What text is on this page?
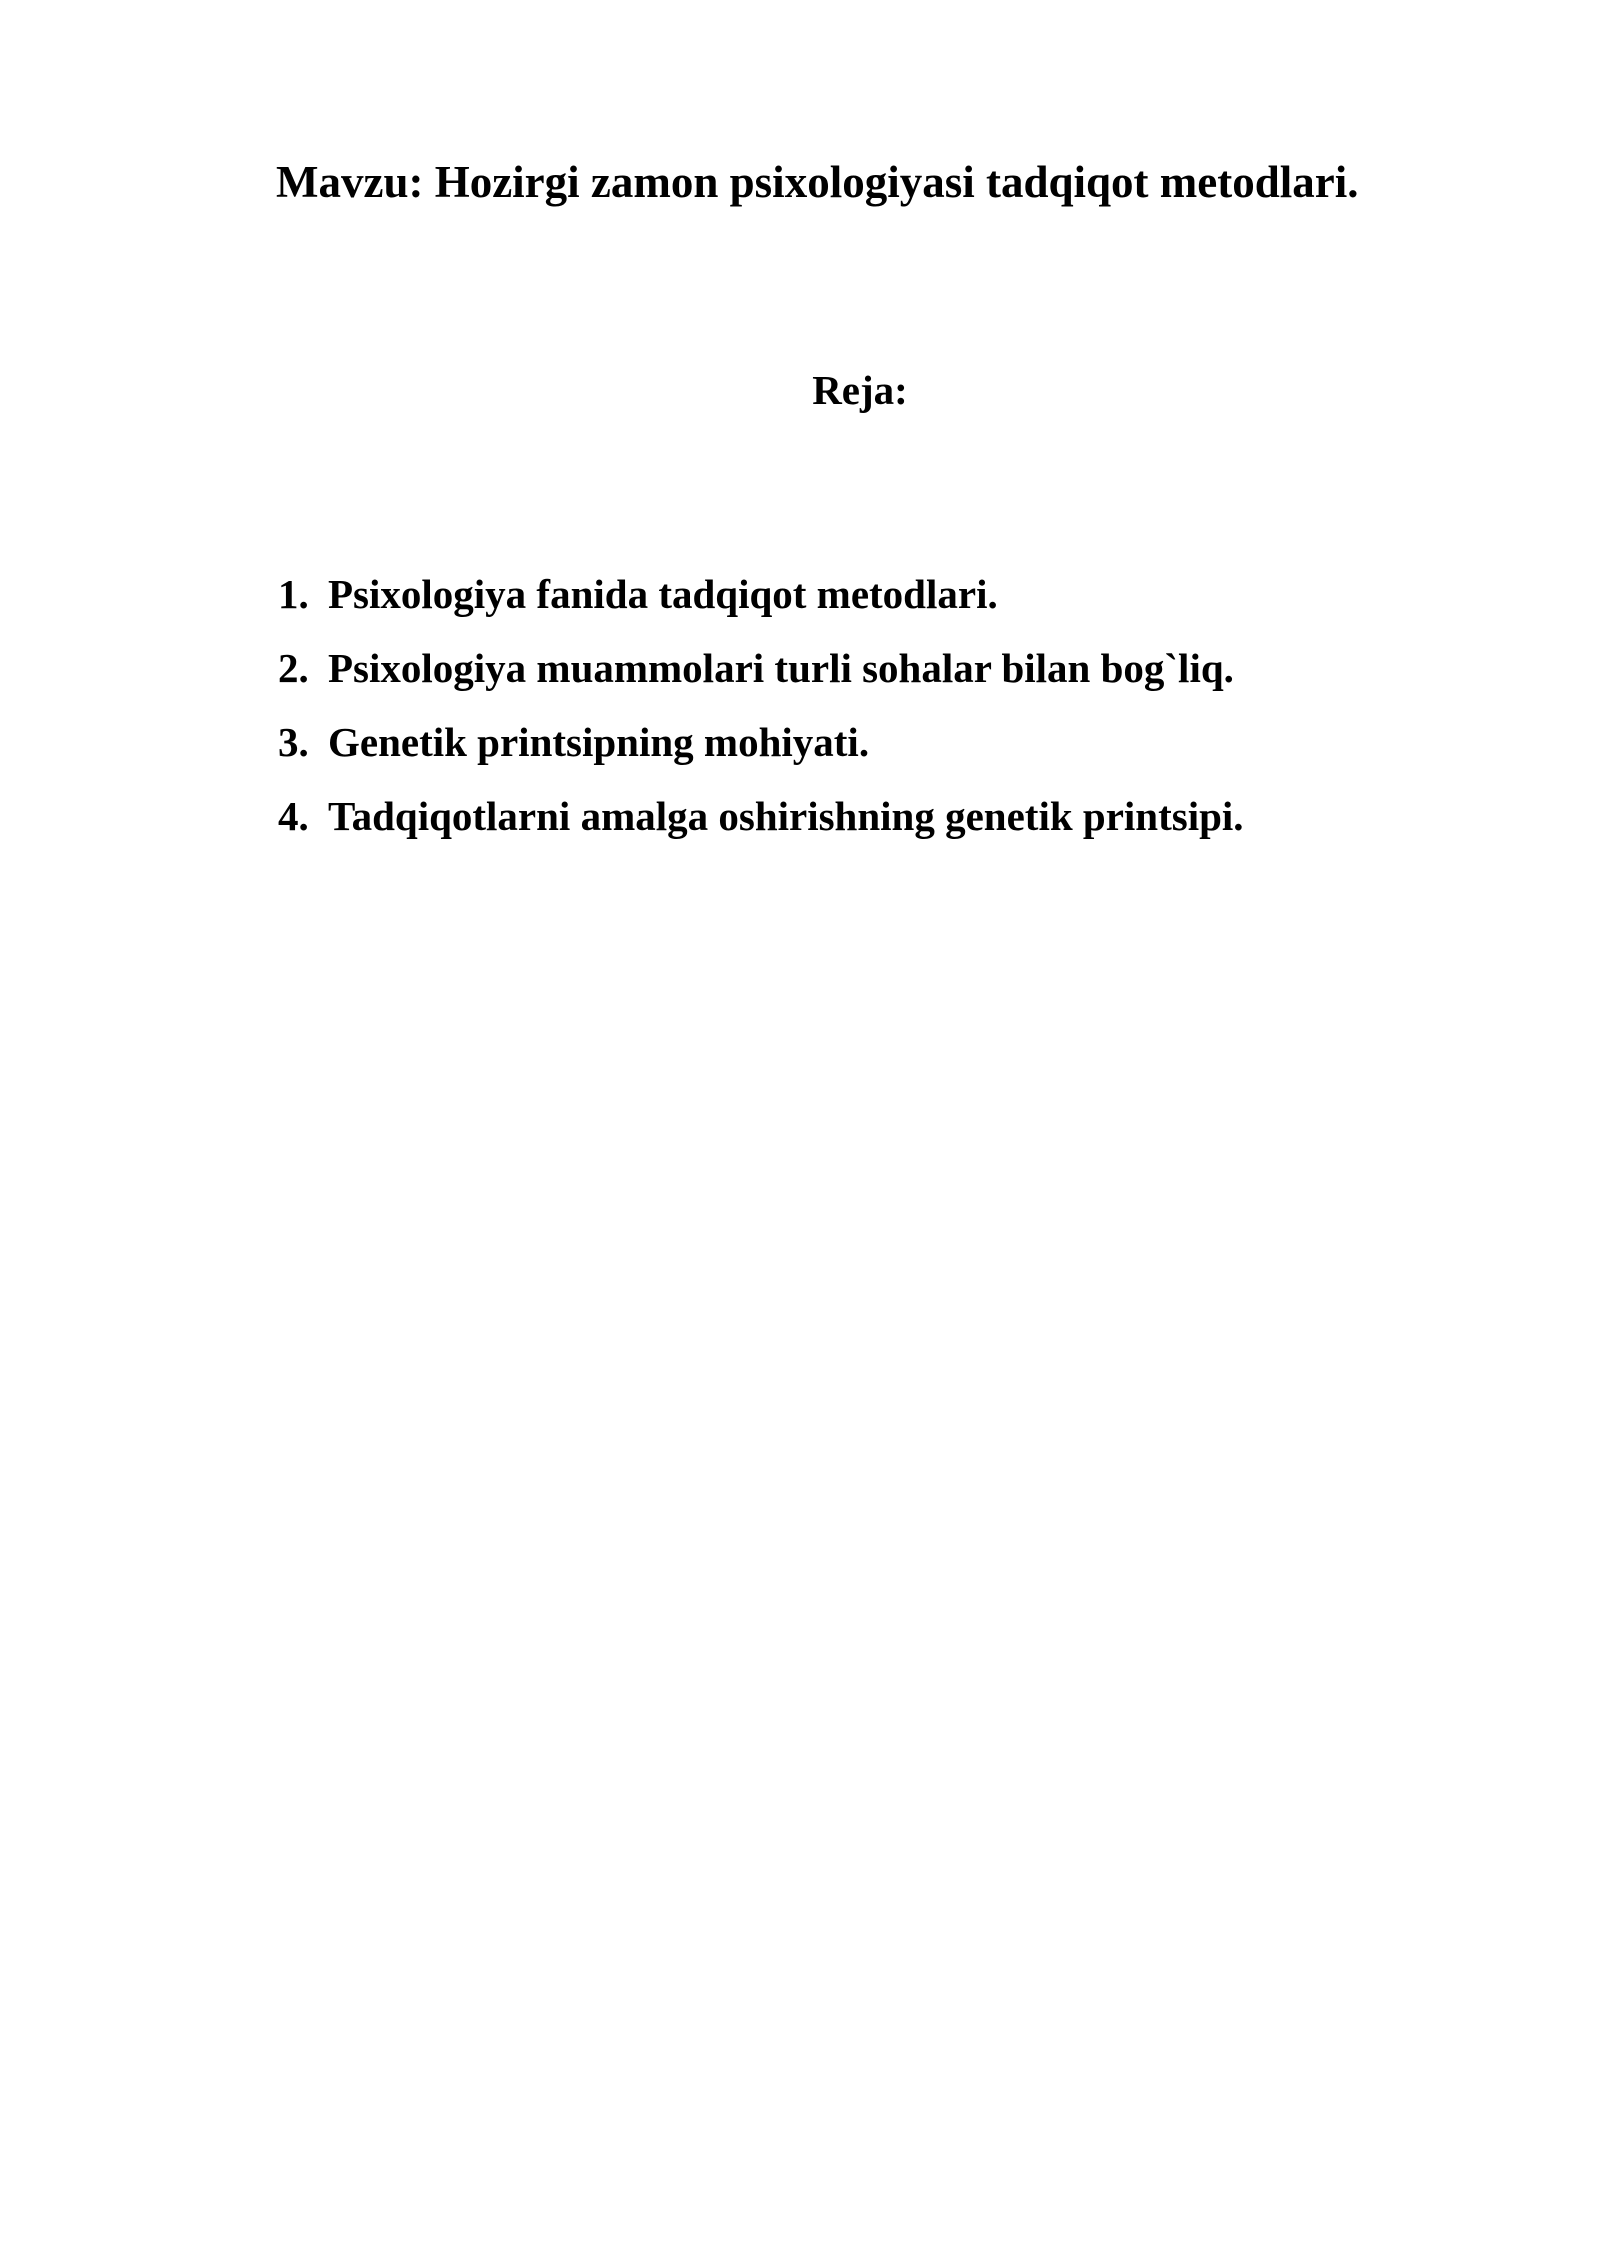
Mavzu: Hozirgi zamon psixologiyasi tadqiqot metodlari.
Reja:
1. Psixologiya fanida tadqiqot metodlari.
2. Psixologiya muammolari turli sohalar bilan bog`liq.
3. Genetik printsipning mohiyati.
4. Tadqiqotlarni amalga oshirishning genetik printsipi.
